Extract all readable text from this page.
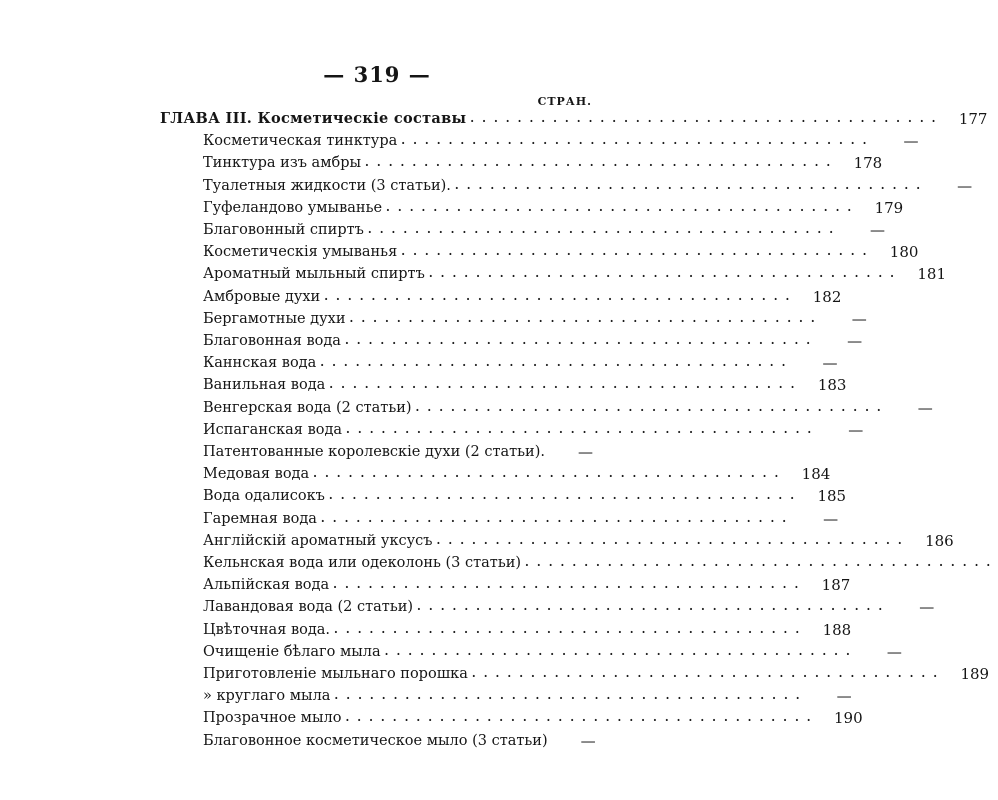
— 319 —
СТРАН.
ГЛАВА III. Косметическіе составы ........................................	177
Косметическая тинктура ........................................	—
Тинктура изъ амбры ........................................	178
Туалетныя жидкости (3 статьи). ........................................	—
Гуфеландово умыванье ........................................	179
Благовонный спиртъ ........................................	—
Косметическія умыванья ........................................	180
Ароматный мыльный спиртъ ........................................	181
Амбровые духи ........................................	182
Бергамотные духи ........................................	—
Благовонная вода ........................................	—
Каннская вода ........................................	—
Ванильная вода ........................................	183
Венгерская вода (2 статьи) ........................................	—
Испаганская вода ........................................	—
Патентованные королевскіе духи (2 статьи).	—
Медовая вода ........................................	184
Вода одалисокъ ........................................	185
Гаремная вода ........................................	—
Англійскій ароматный уксусъ ........................................	186
Кельнская вода или одеколонь (3 статьи) ........................................
Альпійская вода ........................................	187
Лавандовая вода (2 статьи) ........................................	—
Цвѣточная вода. ........................................	188
Очищеніе бѣлаго мыла ........................................	—
Приготовленіе мыльнаго порошка ........................................	189
» круглаго мыла ........................................	—
Прозрачное мыло ........................................	190
Благовонное косметическое мыло (3 статьи)	—
